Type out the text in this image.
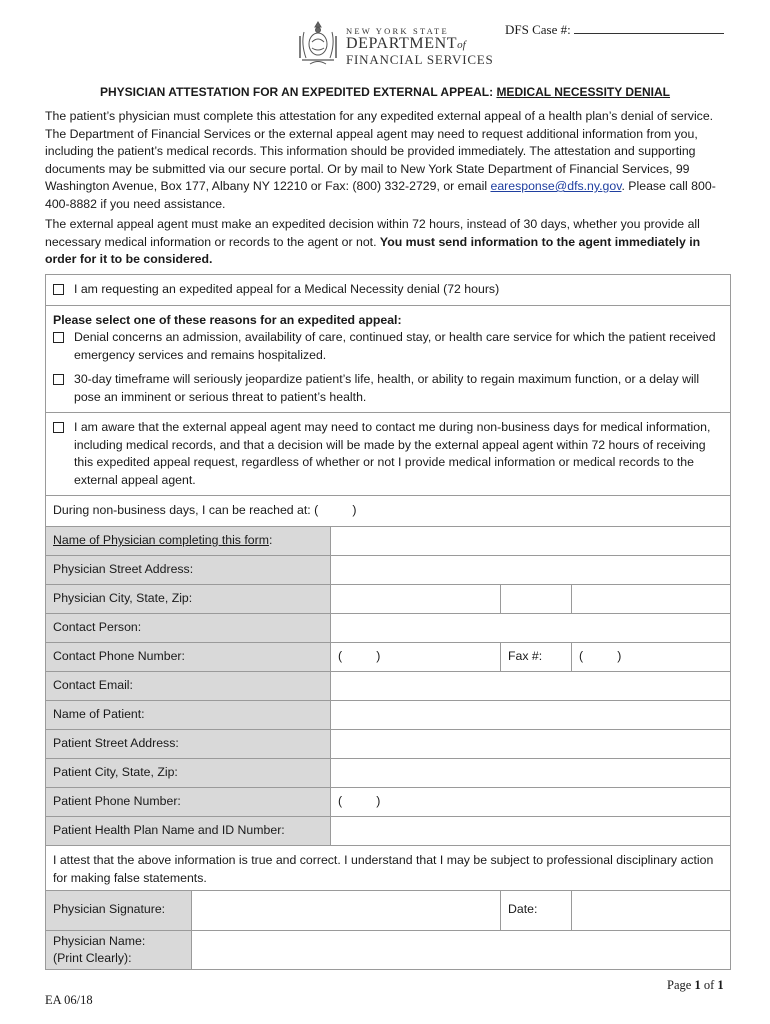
NEW YORK STATE
DEPARTMENTof
FINANCIAL SERVICES
DFS Case #:
PHYSICIAN ATTESTATION FOR AN EXPEDITED EXTERNAL APPEAL: MEDICAL NECESSITY DENIAL
The patient’s physician must complete this attestation for any expedited external appeal of a health plan’s denial of service. The Department of Financial Services or the external appeal agent may need to request additional information from you, including the patient’s medical records. This information should be provided immediately. The attestation and supporting documents may be submitted via our secure portal. Or by mail to New York State Department of Financial Services, 99 Washington Avenue, Box 177, Albany NY 12210 or Fax: (800) 332-2729, or email earesponse@dfs.ny.gov. Please call 800-400-8882 if you need assistance.
The external appeal agent must make an expedited decision within 72 hours, instead of 30 days, whether you provide all necessary medical information or records to the agent or not. You must send information to the agent immediately in order for it to be considered.
I am requesting an expedited appeal for a Medical Necessity denial (72 hours)
Please select one of these reasons for an expedited appeal:
Denial concerns an admission, availability of care, continued stay, or health care service for which the patient received emergency services and remains hospitalized.
30-day timeframe will seriously jeopardize patient’s life, health, or ability to regain maximum function, or a delay will pose an imminent or serious threat to patient’s health.
I am aware that the external appeal agent may need to contact me during non-business days for medical information, including medical records, and that a decision will be made by the external appeal agent within 72 hours of receiving this expedited appeal request, regardless of whether or not I provide medical information or medical records to the external appeal agent.
During non-business days, I can be reached at: (          )
Name of Physician completing this form:
Physician Street Address:
Physician City, State, Zip:
Contact Person:
Contact Phone Number:	(          )	Fax #:	(          )
Contact Email:
Name of Patient:
Patient Street Address:
Patient City, State, Zip:
Patient Phone Number:	(          )
Patient Health Plan Name and ID Number:
I attest that the above information is true and correct. I understand that I may be subject to professional disciplinary action for making false statements.
Physician Signature:	Date:
Physician Name:
(Print Clearly):
Page 1 of 1
EA 06/18
